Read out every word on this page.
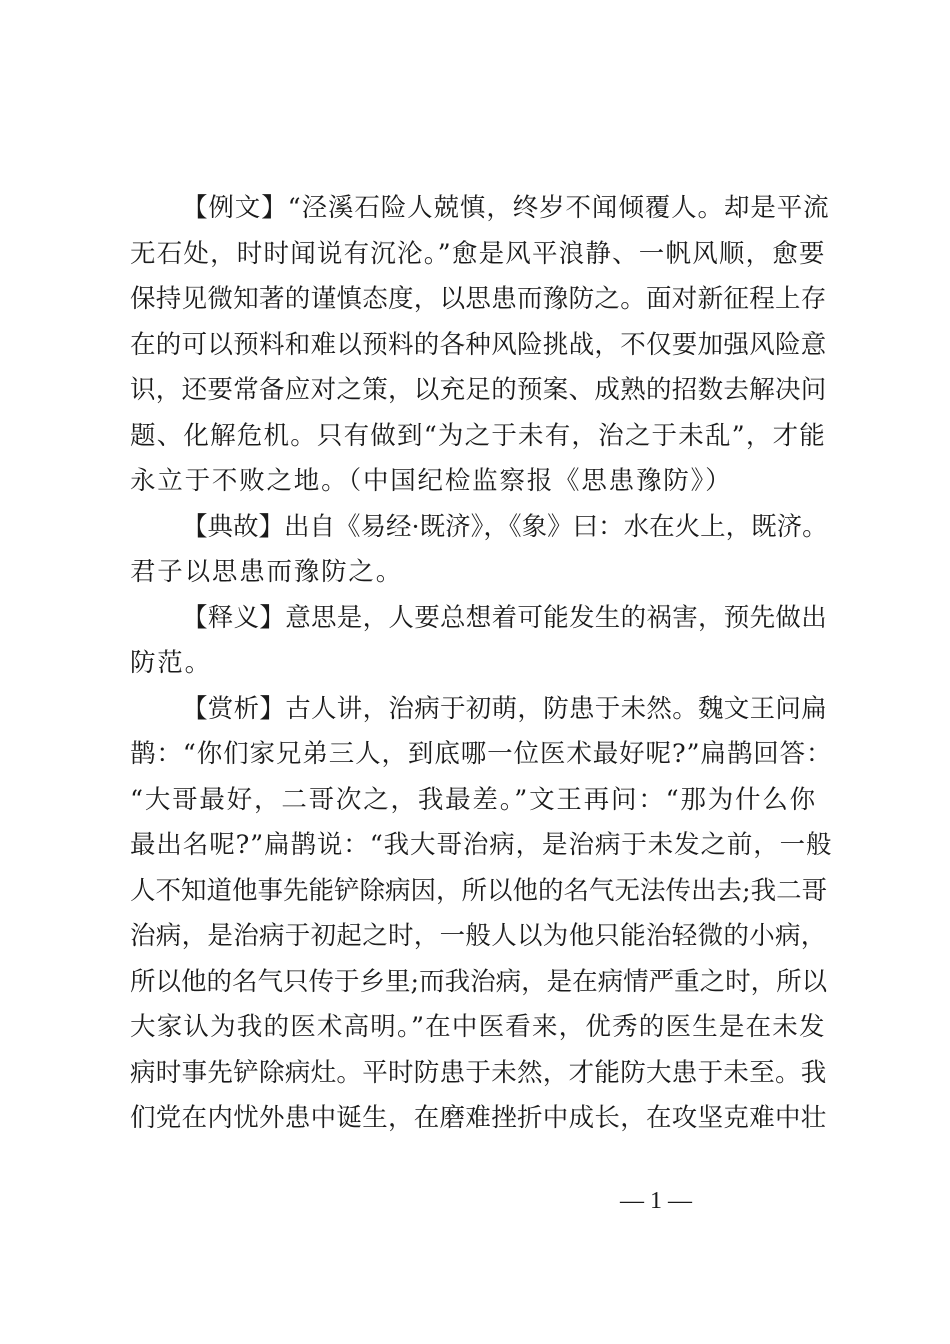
【例文】“泾溪石险人兢慎，终岁不闻倾覆人。却是平流
无石处，时时闻说有沉沦。”愈是风平浪静、一帆风顺，愈要
保持见微知著的谨慎态度，以思患而豫防之。面对新征程上存
在的可以预料和难以预料的各种风险挑战，不仅要加强风险意
识，还要常备应对之策，以充足的预案、成熟的招数去解决问
题、化解危机。只有做到“为之于未有，治之于未乱”，才能
永立于不败之地。（中国纪检监察报《思患豫防》）

【典故】出自《易经·既济》，《象》曰：水在火上，既济。
君子以思患而豫防之。

【释义】意思是，人要总想着可能发生的祸害，预先做出
防范。

【赏析】古人讲，治病于初萌，防患于未然。魏文王问扁
鹊：“你们家兄弟三人，到底哪一位医术最好呢?”扁鹊回答：
“大哥最好，二哥次之，我最差。”文王再问：“那为什么你
最出名呢?”扁鹊说：“我大哥治病，是治病于未发之前，一般
人不知道他事先能铲除病因，所以他的名气无法传出去;我二哥
治病，是治病于初起之时，一般人以为他只能治轻微的小病，
所以他的名气只传于乡里;而我治病，是在病情严重之时，所以
大家认为我的医术高明。”在中医看来，优秀的医生是在未发
病时事先铲除病灶。平时防患于未然，才能防大患于未至。我
们党在内忧外患中诞生，在磨难挫折中成长，在攻坚克难中壮

— 1 —
